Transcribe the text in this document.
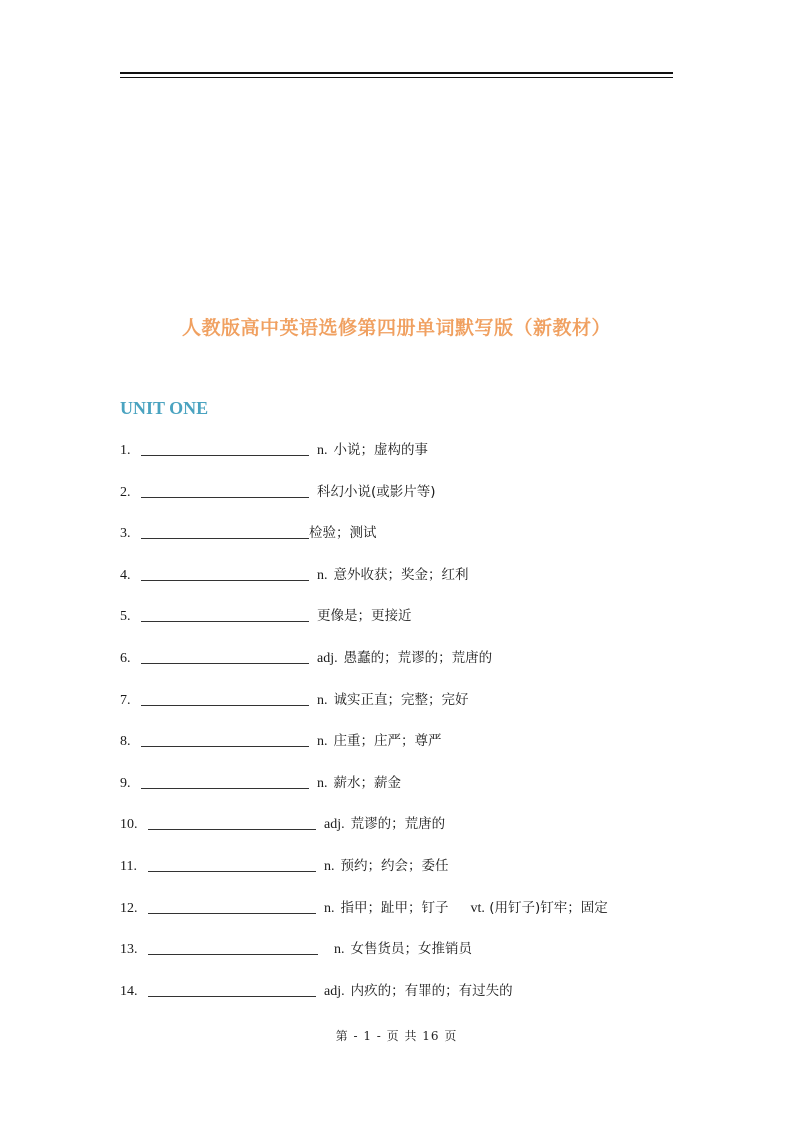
人教版高中英语选修第四册单词默写版（新教材）
UNIT ONE
1.	n. 小说；虚构的事
2.	科幻小说(或影片等)
3.	检验；测试
4.	n. 意外收获；奖金；红利
5.	更像是；更接近
6.	adj. 愚蠢的；荒谬的；荒唐的
7.	n. 诚实正直；完整；完好
8.	n. 庄重；庄严；尊严
9.	n. 薪水；薪金
10.	adj. 荒谬的；荒唐的
11.	n. 预约；约会；委任
12.	n. 指甲；趾甲；钉子 vt. (用钉子)钉牢；固定
13.	n. 女售货员；女推销员
14.	adj. 内疚的；有罪的；有过失的
第 - 1 - 页 共 16 页
